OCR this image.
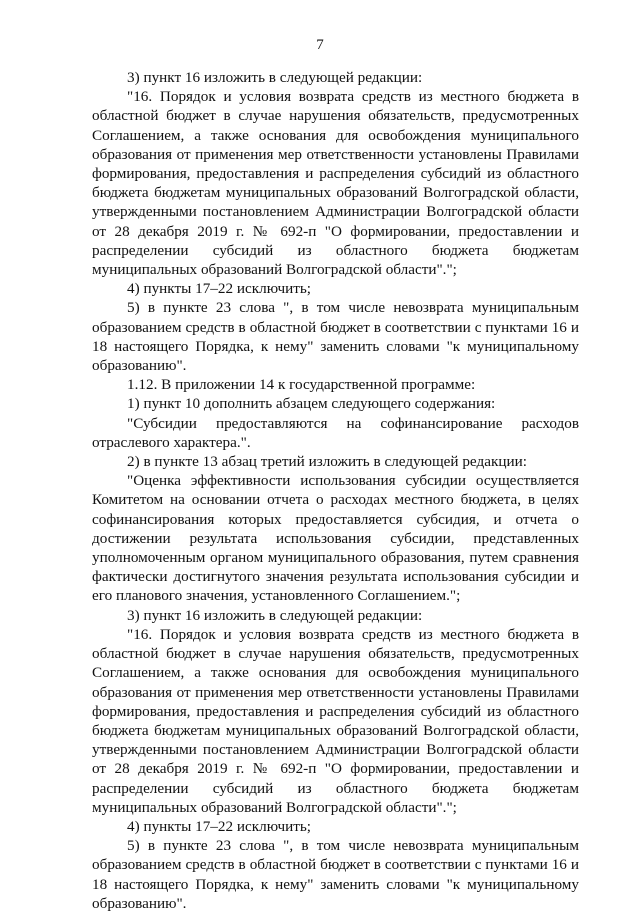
7

3) пункт 16 изложить в следующей редакции:

"16. Порядок и условия возврата средств из местного бюджета в областной бюджет в случае нарушения обязательств, предусмотренных Соглашением, а также основания для освобождения муниципального образования от применения мер ответственности установлены Правилами формирования, предоставления и распределения субсидий из областного бюджета бюджетам муниципальных образований Волгоградской области, утвержденными постановлением Администрации Волгоградской области от 28 декабря 2019 г. № 692-п "О формировании, предоставлении и распределении субсидий из областного бюджета бюджетам муниципальных образований Волгоградской области".";

4) пункты 17–22 исключить;

5) в пункте 23 слова ", в том числе невозврата муниципальным образованием средств в областной бюджет в соответствии с пунктами 16 и 18 настоящего Порядка, к нему" заменить словами "к муниципальному образованию".

1.12. В приложении 14 к государственной программе:

1) пункт 10 дополнить абзацем следующего содержания:

"Субсидии предоставляются на софинансирование расходов отраслевого характера.".

2) в пункте 13 абзац третий изложить в следующей редакции:

"Оценка эффективности использования субсидии осуществляется Комитетом на основании отчета о расходах местного бюджета, в целях софинансирования которых предоставляется субсидия, и отчета о достижении результата использования субсидии, представленных уполномоченным органом муниципального образования, путем сравнения фактически достигнутого значения результата использования субсидии и его планового значения, установленного Соглашением.";

3) пункт 16 изложить в следующей редакции:

"16. Порядок и условия возврата средств из местного бюджета в областной бюджет в случае нарушения обязательств, предусмотренных Соглашением, а также основания для освобождения муниципального образования от применения мер ответственности установлены Правилами формирования, предоставления и распределения субсидий из областного бюджета бюджетам муниципальных образований Волгоградской области, утвержденными постановлением Администрации Волгоградской области от 28 декабря 2019 г. № 692-п "О формировании, предоставлении и распределении субсидий из областного бюджета бюджетам муниципальных образований Волгоградской области".";

4) пункты 17–22 исключить;

5) в пункте 23 слова ", в том числе невозврата муниципальным образованием средств в областной бюджет в соответствии с пунктами 16 и 18 настоящего Порядка, к нему" заменить словами "к муниципальному образованию".
